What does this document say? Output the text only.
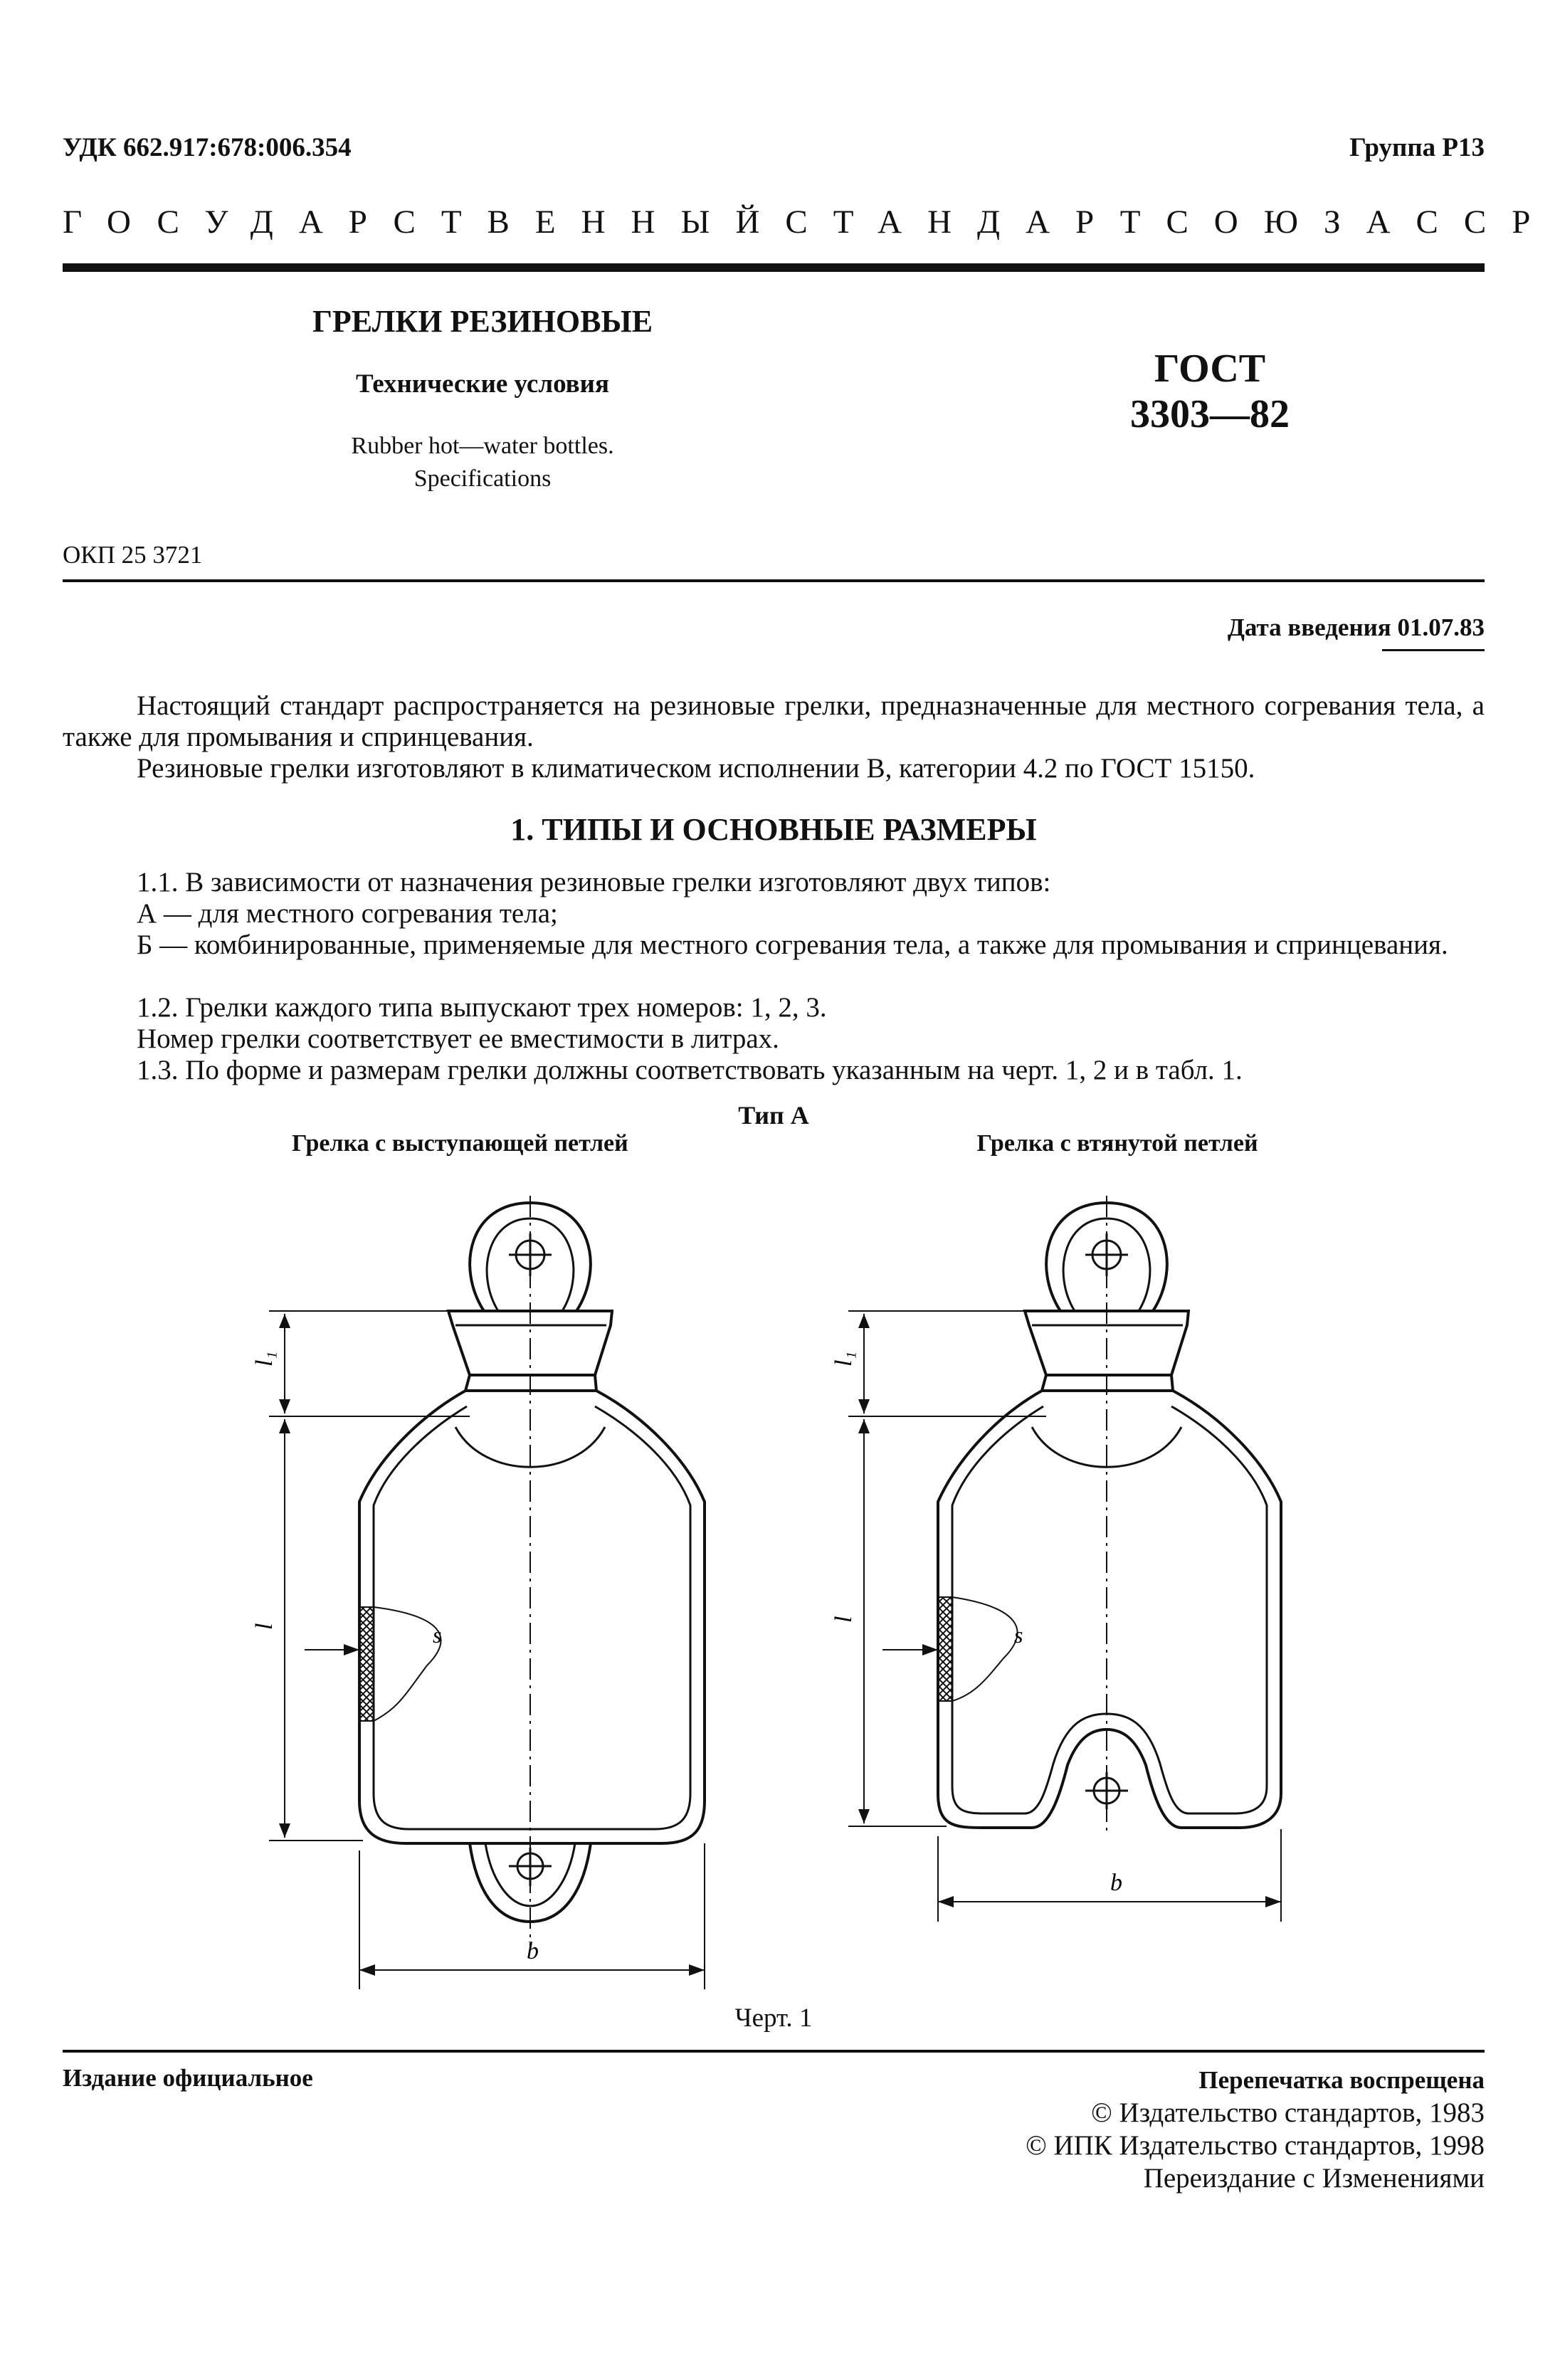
УДК 662.917:678:006.354	Группа Р13
ГОСУДАРСТВЕННЫЙ СТАНДАРТ СОЮЗА ССР
ГРЕЛКИ РЕЗИНОВЫЕ
Технические условия
Rubber hot—water bottles.
Specifications
ГОСТ
3303—82
ОКП 25 3721
Дата введения 01.07.83
Настоящий стандарт распространяется на резиновые грелки, предназначенные для местного согревания тела, а также для промывания и спринцевания.
Резиновые грелки изготовляют в климатическом исполнении В, категории 4.2 по ГОСТ 15150.
1. ТИПЫ И ОСНОВНЫЕ РАЗМЕРЫ
1.1. В зависимости от назначения резиновые грелки изготовляют двух типов:
А — для местного согревания тела;
Б — комбинированные, применяемые для местного согревания тела, а также для промывания и спринцевания.
1.2. Грелки каждого типа выпускают трех номеров: 1, 2, 3.
Номер грелки соответствует ее вместимости в литрах.
1.3. По форме и размерам грелки должны соответствовать указанным на черт. 1, 2 и в табл. 1.
Тип А
Грелка с выступающей петлей	Грелка с втянутой петлей
l₁
l	s
b
l₁
l
s
b
Черт. 1
Издание официальное	Перепечатка воспрещена
© Издательство стандартов, 1983
© ИПК Издательство стандартов, 1998
Переиздание с Изменениями
